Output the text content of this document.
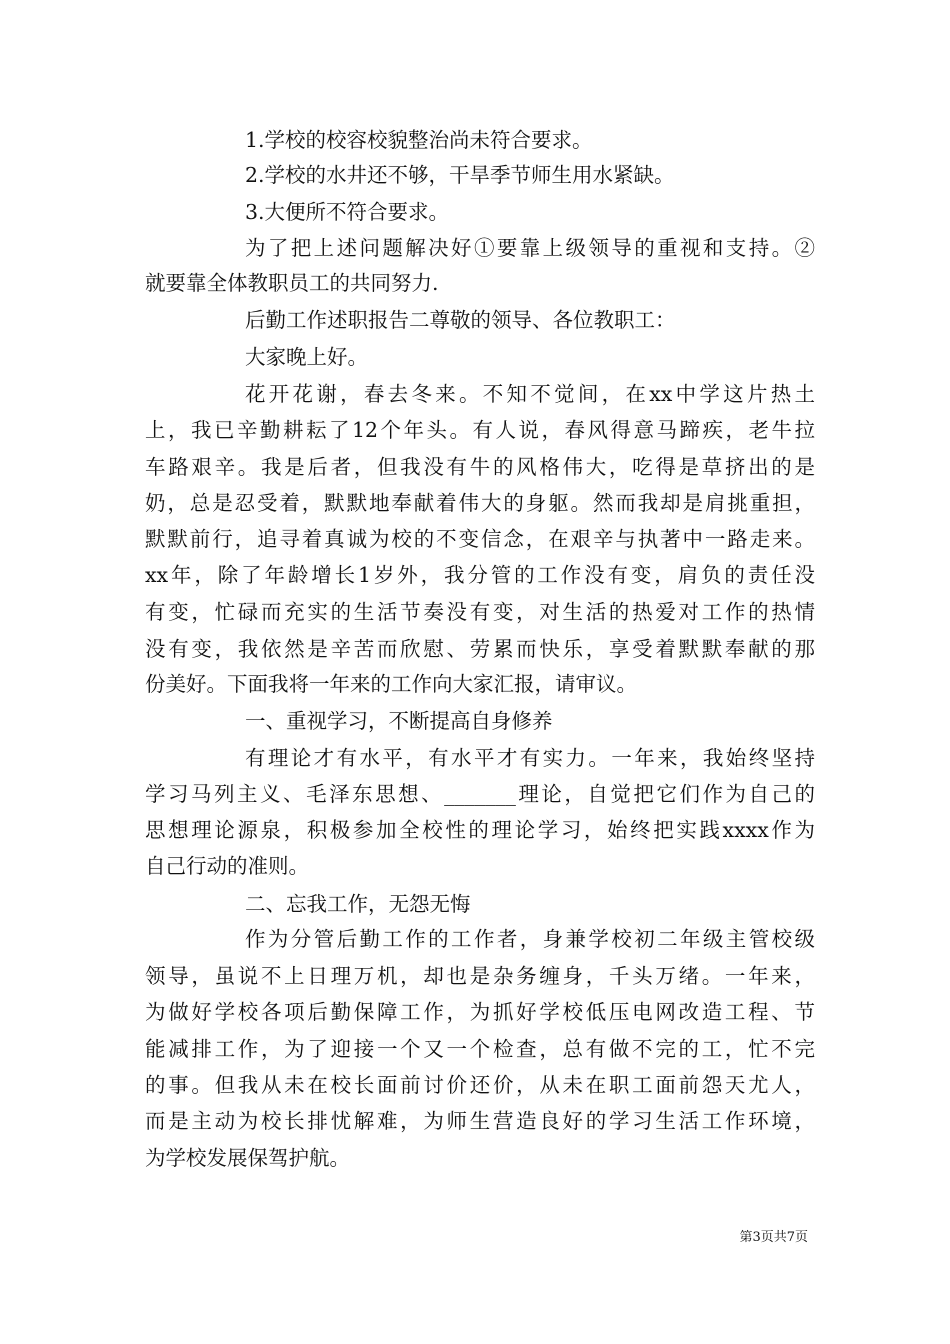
1.学校的校容校貌整治尚未符合要求。
2.学校的水井还不够，干旱季节师生用水紧缺。
3.大便所不符合要求。
为了把上述问题解决好①要靠上级领导的重视和支持。②
就要靠全体教职员工的共同努力.
后勤工作述职报告二尊敬的领导、各位教职工：
大家晚上好。
花开花谢，春去冬来。不知不觉间，在xx中学这片热土
上，我已辛勤耕耘了12个年头。有人说，春风得意马蹄疾，老牛拉
车路艰辛。我是后者，但我没有牛的风格伟大，吃得是草挤出的是
奶，总是忍受着，默默地奉献着伟大的身躯。然而我却是肩挑重担，
默默前行，追寻着真诚为校的不变信念，在艰辛与执著中一路走来。
xx年，除了年龄增长1岁外，我分管的工作没有变，肩负的责任没
有变，忙碌而充实的生活节奏没有变，对生活的热爱对工作的热情
没有变，我依然是辛苦而欣慰、劳累而快乐，享受着默默奉献的那
份美好。下面我将一年来的工作向大家汇报，请审议。
一、重视学习，不断提高自身修养
有理论才有水平，有水平才有实力。一年来，我始终坚持
学习马列主义、毛泽东思想、_______理论，自觉把它们作为自己的
思想理论源泉，积极参加全校性的理论学习，始终把实践xxxx作为
自己行动的准则。
二、忘我工作，无怨无悔
作为分管后勤工作的工作者，身兼学校初二年级主管校级
领导，虽说不上日理万机，却也是杂务缠身，千头万绪。一年来，
为做好学校各项后勤保障工作，为抓好学校低压电网改造工程、节
能减排工作，为了迎接一个又一个检查，总有做不完的工，忙不完
的事。但我从未在校长面前讨价还价，从未在职工面前怨天尤人，
而是主动为校长排忧解难，为师生营造良好的学习生活工作环境，
为学校发展保驾护航。
第3页共7页
